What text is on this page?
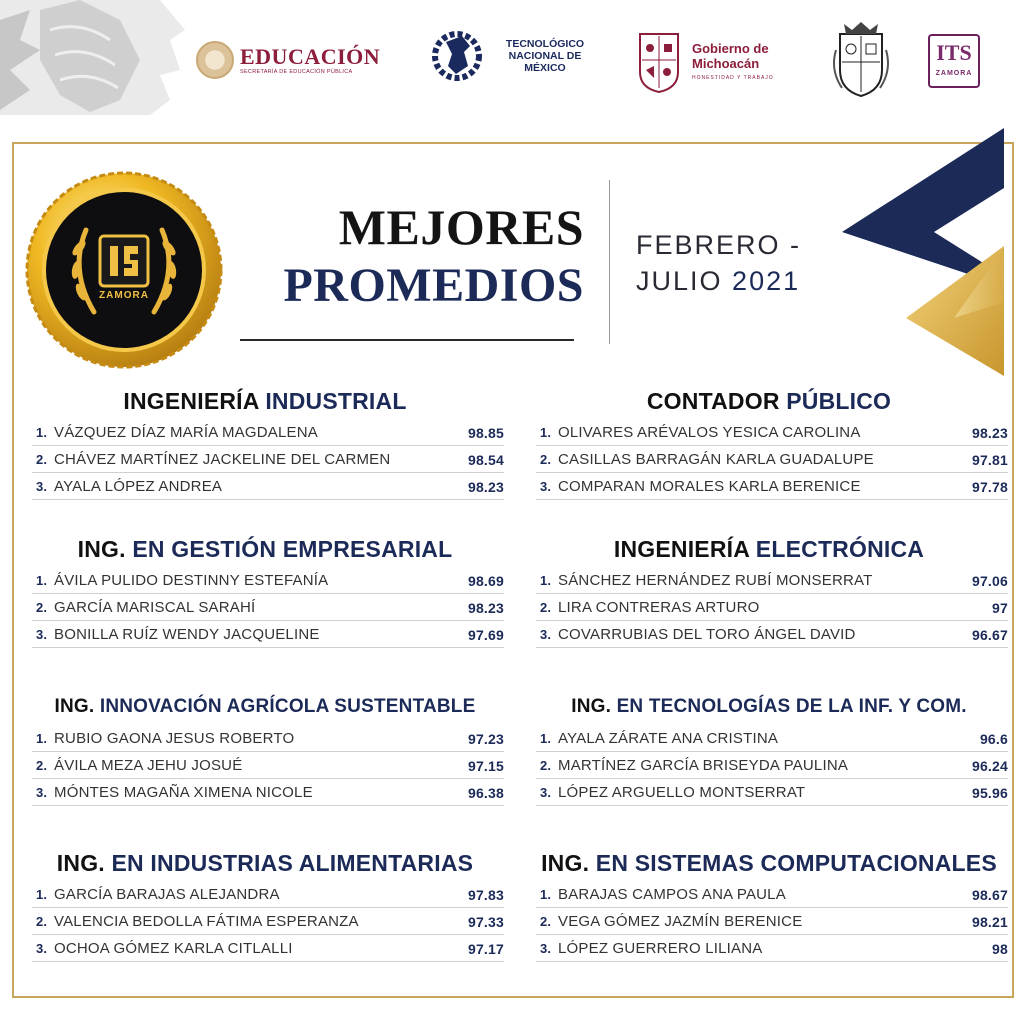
EDUCACIÓN
SECRETARÍA DE EDUCACIÓN PÚBLICA
TECNOLÓGICO
NACIONAL DE MÉXICO
Gobierno de
Michoacán
HONESTIDAD Y TRABAJO
ITS
ZAMORA
ZAMORA
MEJORES
PROMEDIOS
FEBRERO -
JULIO 2021
INGENIERÍA INDUSTRIAL
1. VÁZQUEZ DÍAZ MARÍA MAGDALENA	98.85
2. CHÁVEZ MARTÍNEZ JACKELINE DEL CARMEN	98.54
3. AYALA LÓPEZ ANDREA	98.23
CONTADOR PÚBLICO
1. OLIVARES ARÉVALOS YESICA CAROLINA	98.23
2. CASILLAS BARRAGÁN KARLA GUADALUPE	97.81
3. COMPARAN MORALES KARLA BERENICE	97.78
ING. EN GESTIÓN EMPRESARIAL
1. ÁVILA PULIDO DESTINNY ESTEFANÍA	98.69
2. GARCÍA MARISCAL SARAHÍ	98.23
3. BONILLA RUÍZ WENDY JACQUELINE	97.69
INGENIERÍA ELECTRÓNICA
1. SÁNCHEZ HERNÁNDEZ RUBÍ MONSERRAT	97.06
2. LIRA CONTRERAS ARTURO	97
3. COVARRUBIAS DEL TORO ÁNGEL DAVID	96.67
ING. INNOVACIÓN AGRÍCOLA SUSTENTABLE
1. RUBIO GAONA JESUS ROBERTO	97.23
2. ÁVILA MEZA JEHU JOSUÉ	97.15
3. MÓNTES MAGAÑA XIMENA NICOLE	96.38
ING. EN TECNOLOGÍAS DE LA INF. Y COM.
1. AYALA ZÁRATE ANA CRISTINA	96.6
2. MARTÍNEZ GARCÍA BRISEYDA PAULINA	96.24
3. LÓPEZ ARGUELLO MONTSERRAT	95.96
ING. EN INDUSTRIAS ALIMENTARIAS
1. GARCÍA BARAJAS ALEJANDRA	97.83
2. VALENCIA BEDOLLA FÁTIMA ESPERANZA	97.33
3. OCHOA GÓMEZ KARLA CITLALLI	97.17
ING. EN SISTEMAS COMPUTACIONALES
1. BARAJAS CAMPOS ANA PAULA	98.67
2. VEGA GÓMEZ JAZMÍN BERENICE	98.21
3. LÓPEZ GUERRERO LILIANA	98
